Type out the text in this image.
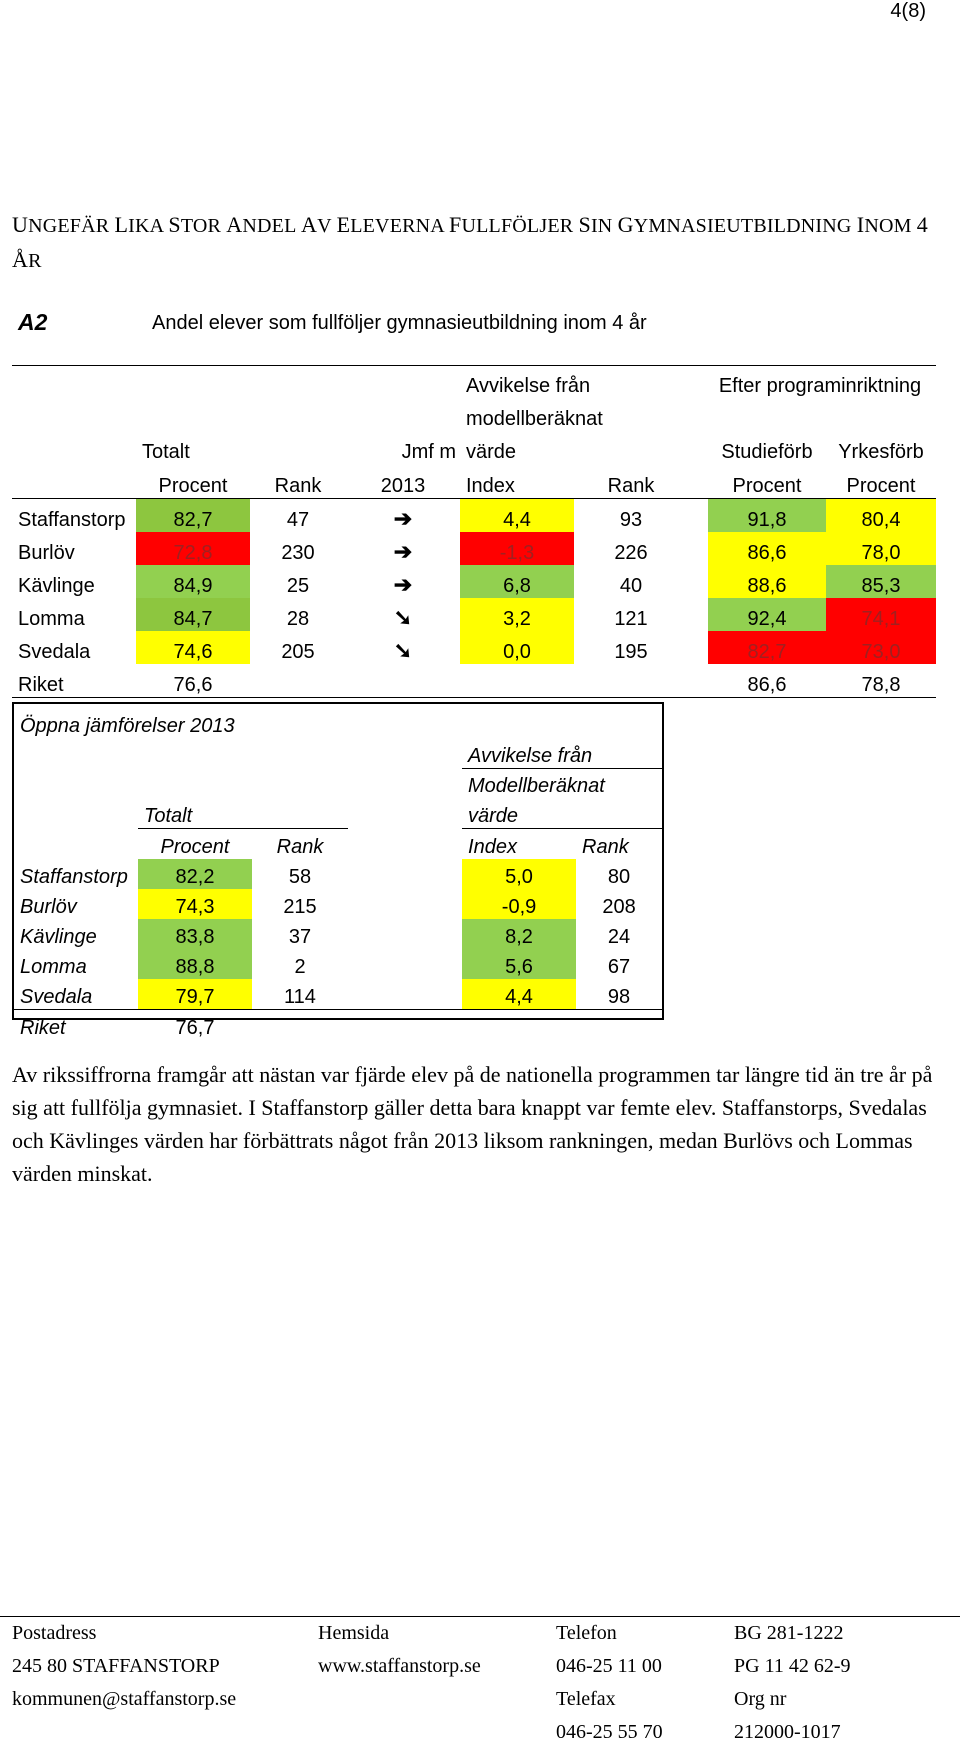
4(8)
UNGEFÄR LIKA STOR ANDEL AV ELEVERNA FULLFÖLJER SIN GYMNASIEUTBILDNING INOM 4 ÅR
A2	Andel elever som fullföljer gymnasieutbildning inom 4 år
				Avvikelse från			Efter programinriktning	
				modellberäknat				
	Totalt		Jmf m	värde			Studieförb	Yrkesförb
	Procent	Rank	2013	Index	Rank		Procent	Procent
Staffanstorp	82,7	47	➔	4,4	93		91,8	80,4
Burlöv	72,8	230	➔	-1,3	226		86,6	78,0
Kävlinge	84,9	25	➔	6,8	40		88,6	85,3
Lomma	84,7	28	➘	3,2	121		92,4	74,1
Svedala	74,6	205	➘	0,0	195		82,7	73,0
Riket	76,6						86,6	78,8
Öppna jämförelser 2013					
				Avvikelse från	
				Modellberäknat	
	Totalt			värde	
	Procent	Rank		Index	Rank
Staffanstorp	82,2	58		5,0	80
Burlöv	74,3	215		-0,9	208
Kävlinge	83,8	37		8,2	24
Lomma	88,8	2		5,6	67
Svedala	79,7	114		4,4	98
Riket	76,7				
Av rikssiffrorna framgår att nästan var fjärde elev på de nationella programmen tar längre tid än tre år på sig att fullfölja gymnasiet. I Staffanstorp gäller detta bara knappt var femte elev. Staffanstorps, Svedalas och Kävlinges värden har förbättrats något från 2013 liksom rankningen, medan Burlövs och Lommas värden minskat.
Postadress
245 80 STAFFANSTORP
kommunen@staffanstorp.se
Hemsida
www.staffanstorp.se
Telefon
046-25 11 00
Telefax
046-25 55 70
BG 281-1222
PG 11 42 62-9
Org nr
212000-1017
